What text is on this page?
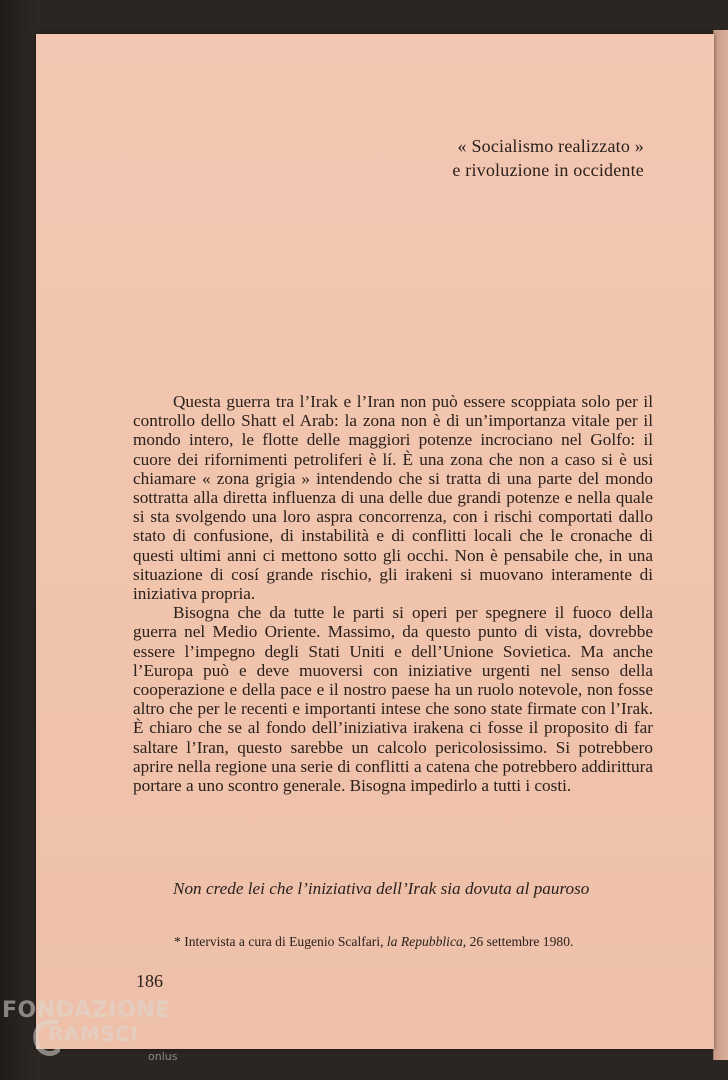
« Socialismo realizzato »
e rivoluzione in occidente

Questa guerra tra l’Irak e l’Iran non può essere scoppiata solo per il controllo dello Shatt el Arab: la zona non è di un’importanza vitale per il mondo intero, le flotte delle maggiori potenze incrociano nel Golfo: il cuore dei rifornimenti petroliferi è lí. È una zona che non a caso si è usi chiamare « zona grigia » intendendo che si tratta di una parte del mondo sottratta alla diretta influenza di una delle due grandi potenze e nella quale si sta svolgendo una loro aspra concorrenza, con i rischi comportati dallo stato di confusione, di instabilità e di conflitti locali che le cronache di questi ultimi anni ci mettono sotto gli occhi. Non è pensabile che, in una situazione di cosí grande rischio, gli irakeni si muovano interamente di iniziativa propria.

Bisogna che da tutte le parti si operi per spegnere il fuoco della guerra nel Medio Oriente. Massimo, da questo punto di vista, dovrebbe essere l’impegno degli Stati Uniti e dell’Unione Sovietica. Ma anche l’Europa può e deve muoversi con iniziative urgenti nel senso della cooperazione e della pace e il nostro paese ha un ruolo notevole, non fosse altro che per le recenti e importanti intese che sono state firmate con l’Irak. È chiaro che se al fondo dell’iniziativa irakena ci fosse il proposito di far saltare l’Iran, questo sarebbe un calcolo pericolosissimo. Si potrebbero aprire nella regione una serie di conflitti a catena che potrebbero addirittura portare a uno scontro generale. Bisogna impedirlo a tutti i costi.

Non crede lei che l’iniziativa dell’Irak sia dovuta al pauroso
* Intervista a cura di Eugenio Scalfari, la Repubblica, 26 settembre 1980.
186
FONDAZIONE
RAMSCI
onlus
